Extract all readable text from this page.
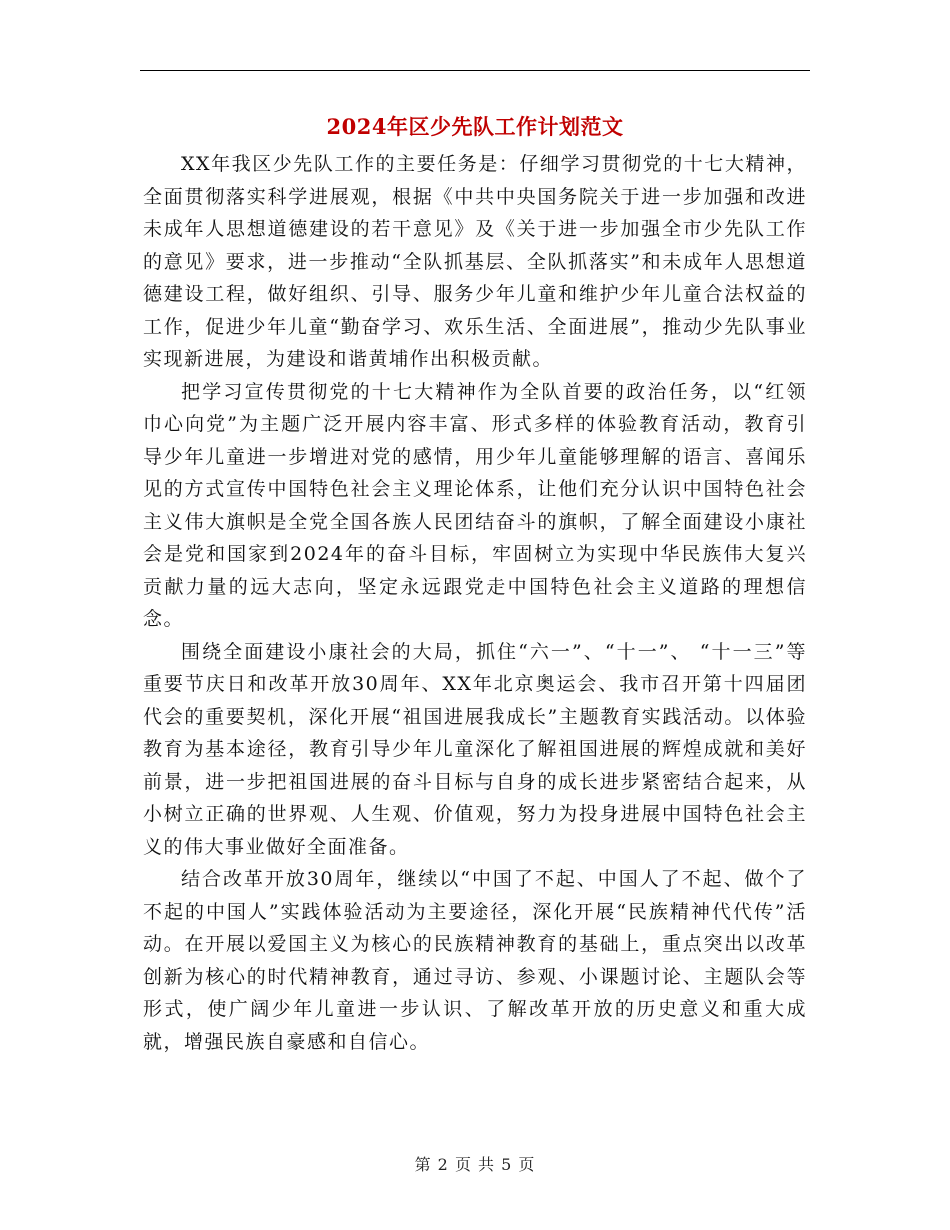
2024年区少先队工作计划范文

XX年我区少先队工作的主要任务是：仔细学习贯彻党的十七大精神，全面贯彻落实科学进展观，根据《中共中央国务院关于进一步加强和改进未成年人思想道德建设的若干意见》及《关于进一步加强全市少先队工作的意见》要求，进一步推动“全队抓基层、全队抓落实”和未成年人思想道德建设工程，做好组织、引导、服务少年儿童和维护少年儿童合法权益的工作，促进少年儿童“勤奋学习、欢乐生活、全面进展”，推动少先队事业实现新进展，为建设和谐黄埔作出积极贡献。

把学习宣传贯彻党的十七大精神作为全队首要的政治任务，以“红领巾心向党”为主题广泛开展内容丰富、形式多样的体验教育活动，教育引导少年儿童进一步增进对党的感情，用少年儿童能够理解的语言、喜闻乐见的方式宣传中国特色社会主义理论体系，让他们充分认识中国特色社会主义伟大旗帜是全党全国各族人民团结奋斗的旗帜，了解全面建设小康社会是党和国家到2024年的奋斗目标，牢固树立为实现中华民族伟大复兴贡献力量的远大志向，坚定永远跟党走中国特色社会主义道路的理想信念。

围绕全面建设小康社会的大局，抓住“六一”、“十一”、 “十一三”等重要节庆日和改革开放30周年、XX年北京奥运会、我市召开第十四届团代会的重要契机，深化开展“祖国进展我成长”主题教育实践活动。以体验教育为基本途径，教育引导少年儿童深化了解祖国进展的辉煌成就和美好前景，进一步把祖国进展的奋斗目标与自身的成长进步紧密结合起来，从小树立正确的世界观、人生观、价值观，努力为投身进展中国特色社会主义的伟大事业做好全面准备。

结合改革开放30周年，继续以“中国了不起、中国人了不起、做个了不起的中国人”实践体验活动为主要途径，深化开展“民族精神代代传”活动。在开展以爱国主义为核心的民族精神教育的基础上，重点突出以改革创新为核心的时代精神教育，通过寻访、参观、小课题讨论、主题队会等形式，使广阔少年儿童进一步认识、了解改革开放的历史意义和重大成就，增强民族自豪感和自信心。

第 2 页 共 5 页
